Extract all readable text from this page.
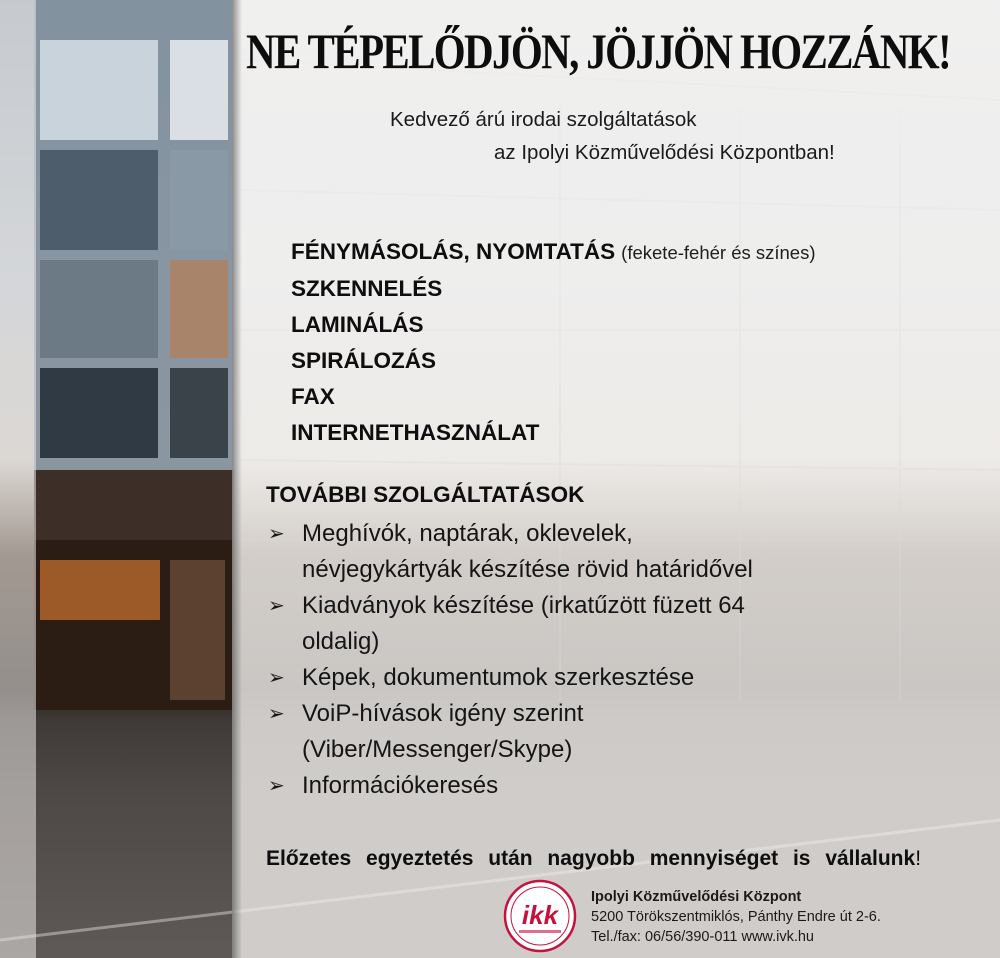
NE TÉPELŐDJÖN, JÖJJÖN HOZZÁNK!
Kedvező árú irodai szolgáltatások
az Ipolyi Közművelődési Központban!
FÉNYMÁSOLÁS, NYOMTATÁS (fekete-fehér és színes)
SZKENNELÉS
LAMINÁLÁS
SPIRÁLOZÁS
FAX
INTERNETHASZNÁLAT
TOVÁBBI SZOLGÁLTATÁSOK
➢ Meghívók, naptárak, oklevelek,
névjegykártyák készítése rövid határidővel
➢ Kiadványok készítése (irkatűzött füzett 64
oldalig)
➢ Képek, dokumentumok szerkesztése
➢ VoiP-hívások igény szerint
(Viber/Messenger/Skype)
➢ Információkeresés
Előzetes egyeztetés után nagyobb mennyiséget is vállalunk!
ikk
Ipolyi Közművelődési Központ
5200 Törökszentmiklós, Pánthy Endre út 2-6.
Tel./fax: 06/56/390-011 www.ivk.hu
